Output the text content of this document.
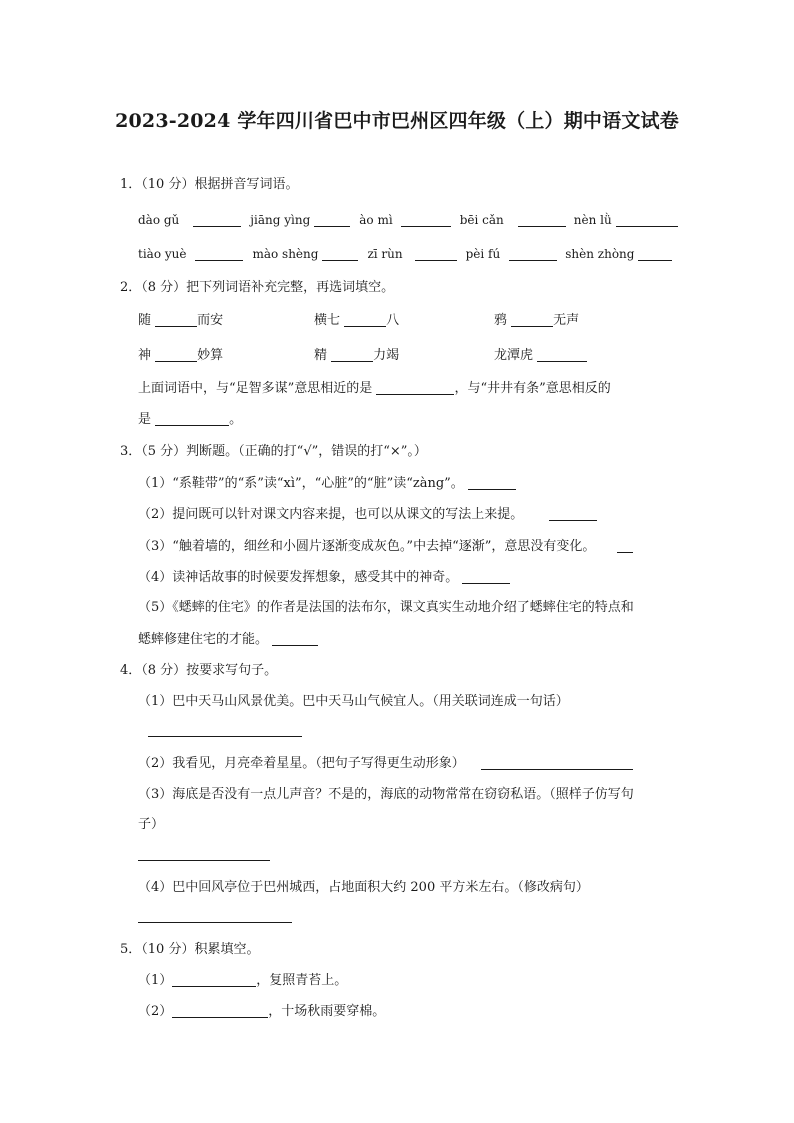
2023-2024 学年四川省巴中市巴州区四年级（上）期中语文试卷
1．（10 分）根据拼音写词语。
dào gǔ	jiāng yìng	ào mì	bēi cǎn	nèn lǜ
tiào yuè	mào shèng	zī rùn	pèi fú	shèn zhòng
2．（8 分）把下列词语补充完整，再选词填空。
随	而安	横七	八	鸦	无声
神	妙算	精	力竭	龙潭虎
上面词语中，与“足智多谋”意思相近的是	，与“井井有条”意思相反的
是	。
3．（5 分）判断题。（正确的打“√”，错误的打“×”。）
（1）“系鞋带”的“系”读“xì”，“心脏”的“脏”读“zàng”。
（2）提问既可以针对课文内容来提，也可以从课文的写法上来提。
（3）“触着墙的，细丝和小圆片逐渐变成灰色。”中去掉“逐渐”，意思没有变化。
（4）读神话故事的时候要发挥想象，感受其中的神奇。
（5）《蟋蟀的住宅》的作者是法国的法布尔，课文真实生动地介绍了蟋蟀住宅的特点和
蟋蟀修建住宅的才能。
4．（8 分）按要求写句子。
（1）巴中天马山风景优美。巴中天马山气候宜人。（用关联词连成一句话）
（2）我看见，月亮牵着星星。（把句子写得更生动形象）
（3）海底是否没有一点儿声音？不是的，海底的动物常常在窃窃私语。（照样子仿写句
子）
（4）巴中回风亭位于巴州城西，占地面积大约 200 平方米左右。（修改病句）
5．（10 分）积累填空。
（1）	，复照青苔上。
（2）	，十场秋雨要穿棉。
